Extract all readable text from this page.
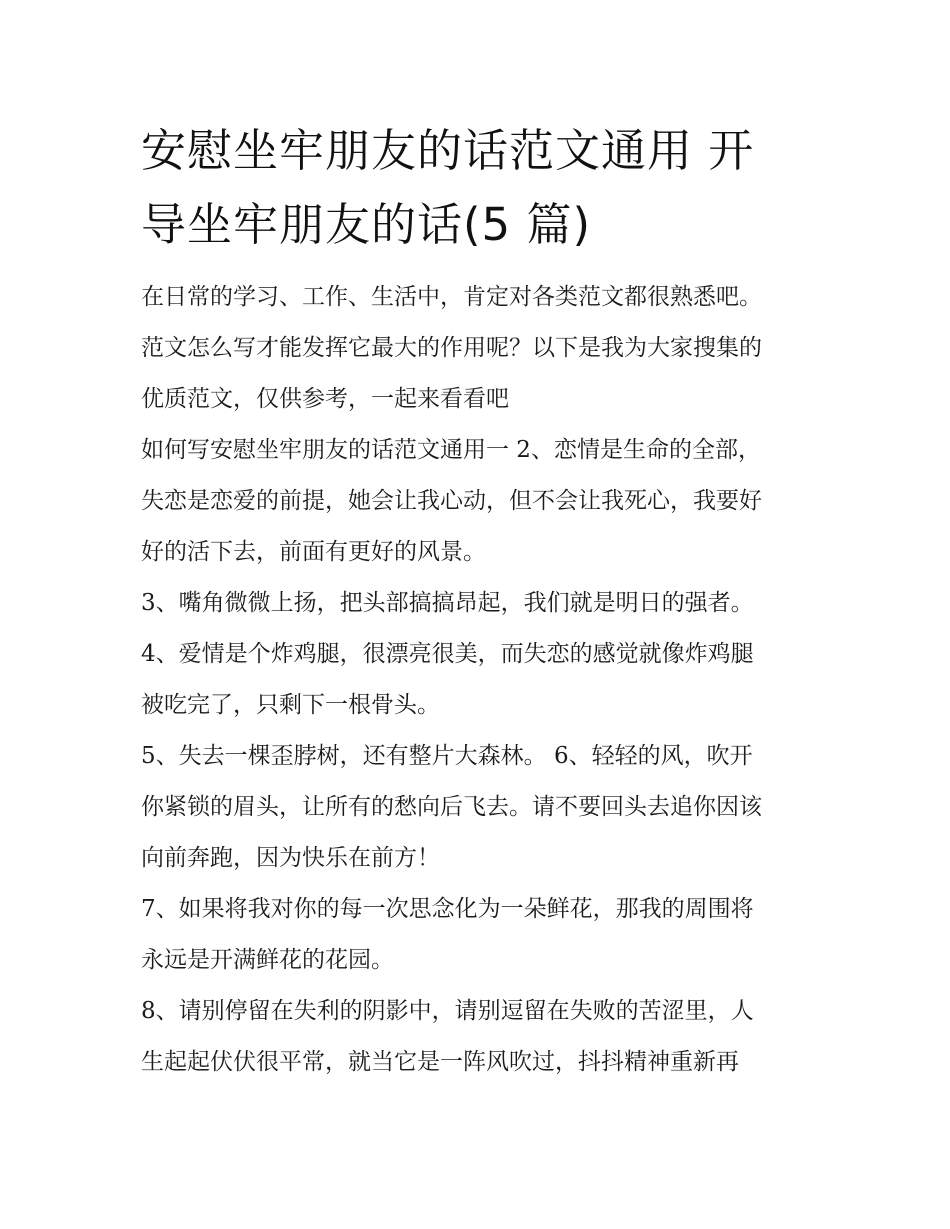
安慰坐牢朋友的话范文通用 开
导坐牢朋友的话(5 篇)

在日常的学习、工作、生活中，肯定对各类范文都很熟悉吧。
范文怎么写才能发挥它最大的作用呢？以下是我为大家搜集的
优质范文，仅供参考，一起来看看吧

如何写安慰坐牢朋友的话范文通用一 2、恋情是生命的全部，
失恋是恋爱的前提，她会让我心动，但不会让我死心，我要好
好的活下去，前面有更好的风景。

3、嘴角微微上扬，把头部搞搞昂起，我们就是明日的强者。

4、爱情是个炸鸡腿，很漂亮很美，而失恋的感觉就像炸鸡腿
被吃完了，只剩下一根骨头。

5、失去一棵歪脖树，还有整片大森林。 6、轻轻的风，吹开
你紧锁的眉头，让所有的愁向后飞去。请不要回头去追你因该
向前奔跑，因为快乐在前方！

7、如果将我对你的每一次思念化为一朵鲜花，那我的周围将
永远是开满鲜花的花园。

8、请别停留在失利的阴影中，请别逗留在失败的苦涩里，人
生起起伏伏很平常，就当它是一阵风吹过，抖抖精神重新再
